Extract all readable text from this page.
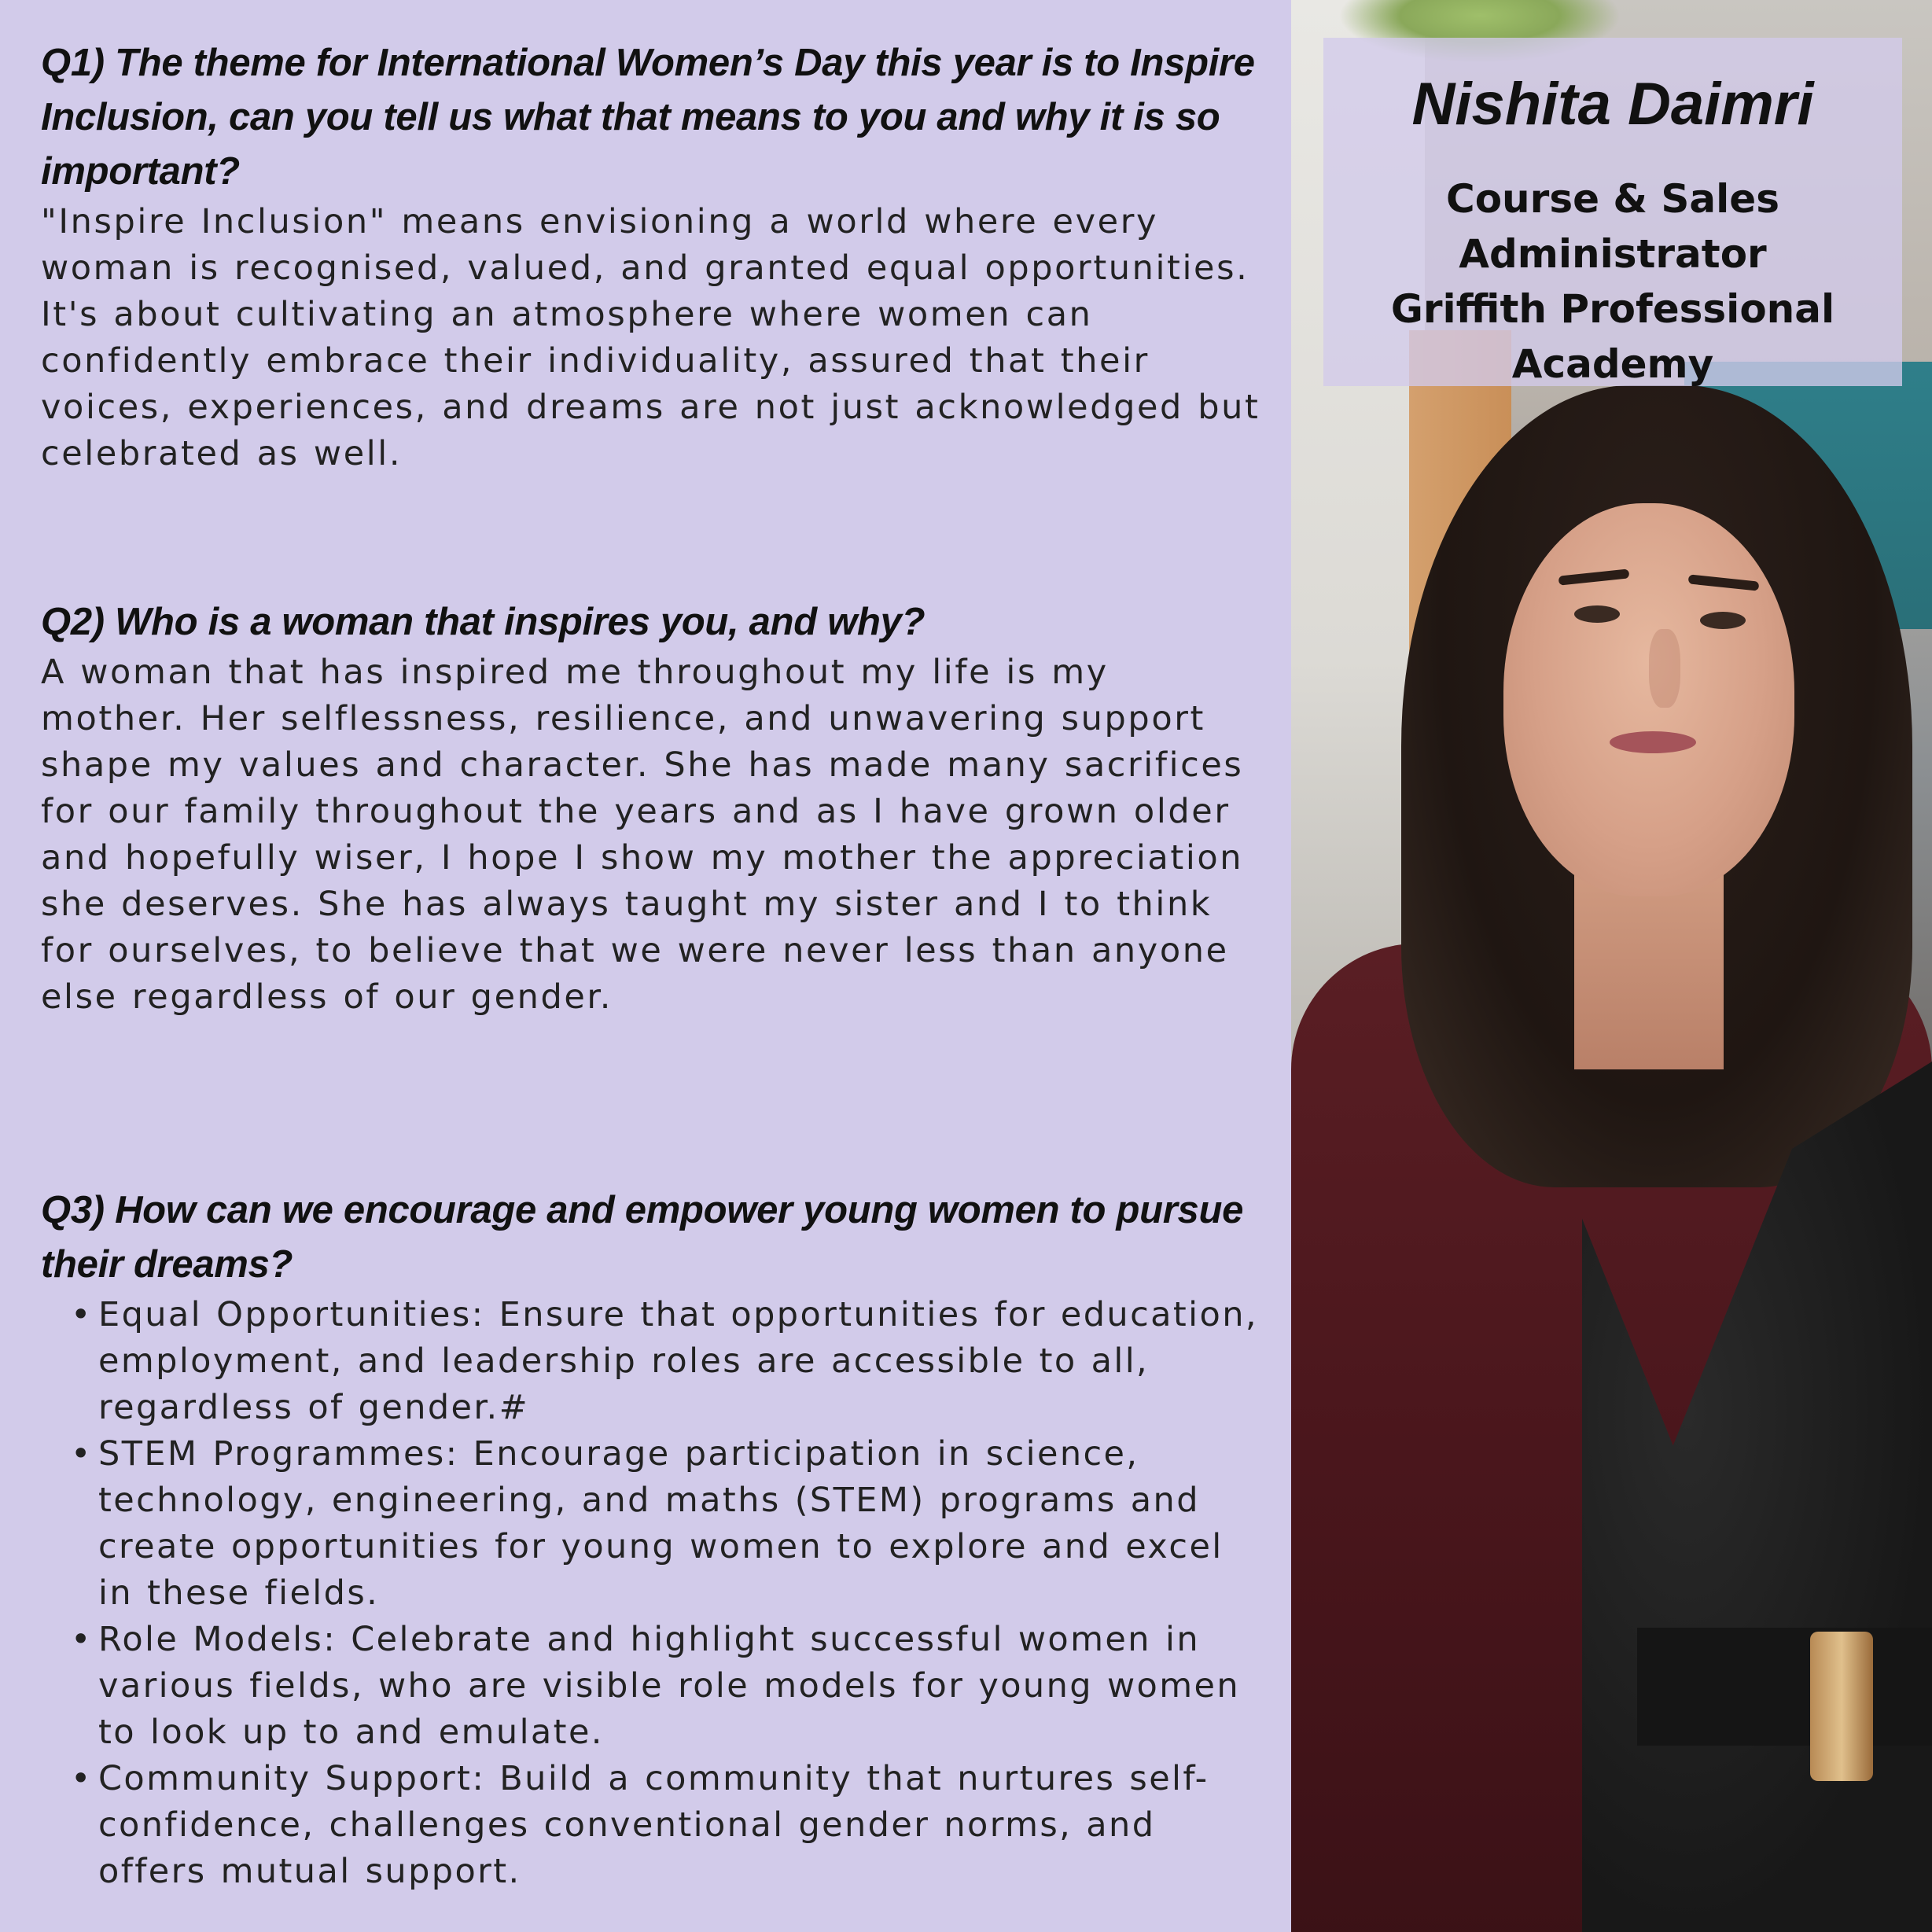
Q1) The theme for International Women’s Day this year is to Inspire Inclusion, can you tell us what that means to you and why it is so important?

"Inspire Inclusion" means envisioning a world where every woman is recognised, valued, and granted equal opportunities. It's about cultivating an atmosphere where women can confidently embrace their individuality, assured that their voices, experiences, and dreams are not just acknowledged but celebrated as well.

Q2) Who is a woman that inspires you, and why?

A woman that has inspired me throughout my life is my mother. Her selflessness, resilience, and unwavering support shape my values and character. She has made many sacrifices for our family throughout the years and as I have grown older and hopefully wiser, I hope I show my mother the appreciation she deserves. She has always taught my sister and I to think for ourselves, to believe that we were never less than anyone else regardless of our gender.

Q3) How can we encourage and empower young women to pursue their dreams?

• Equal Opportunities: Ensure that opportunities for education, employment, and leadership roles are accessible to all, regardless of gender.#
• STEM Programmes: Encourage participation in science, technology, engineering, and maths (STEM) programs and create opportunities for young women to explore and excel in these fields.
• Role Models: Celebrate and highlight successful women in various fields, who are visible role models for young women to look up to and emulate.
• Community Support: Build a community that nurtures self-confidence, challenges conventional gender norms, and offers mutual support.

Nishita Daimri

Course & Sales
Administrator
Griffith Professional
Academy
